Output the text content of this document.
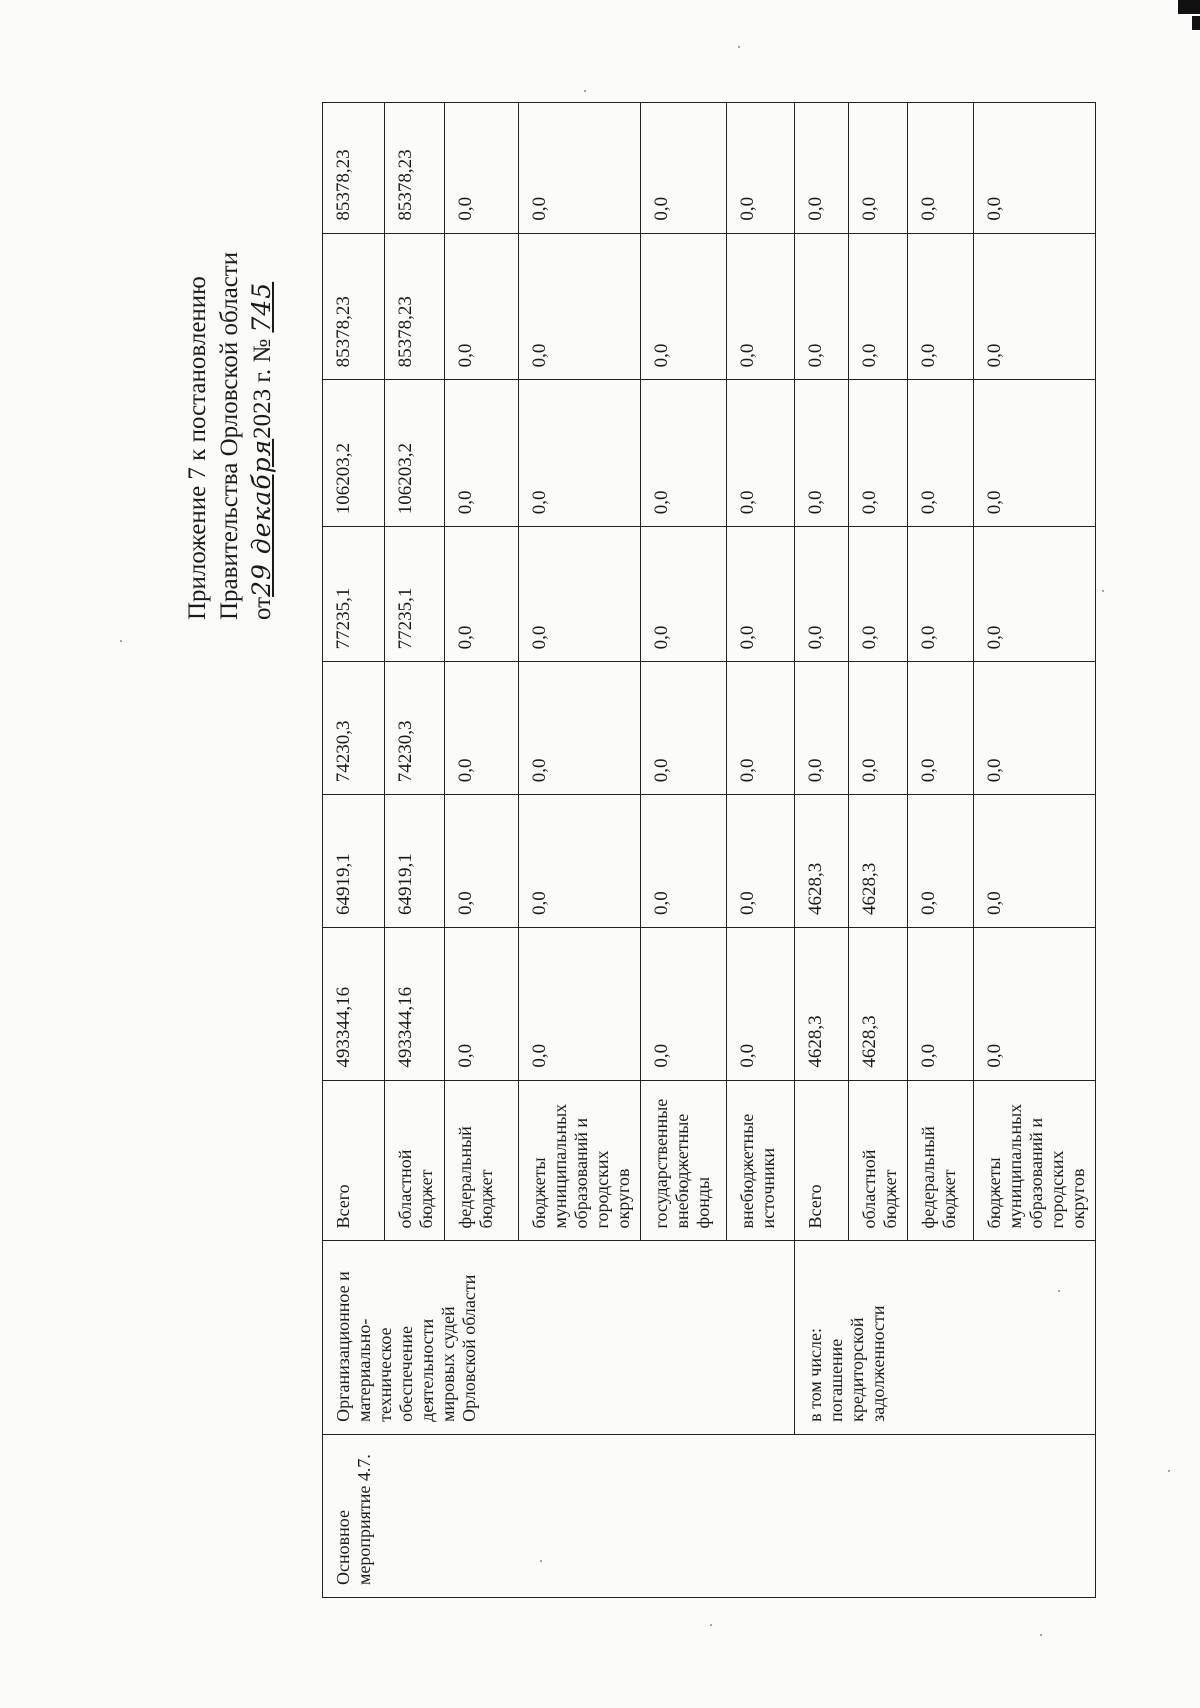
Приложение 7 к постановлению Правительства Орловской области от29 декабря2023 г. № 745
Основное мероприятие 4.7.	Организационное и материально-техническое обеспечение деятельности мировых судей Орловской области	Всего	493344,16	64919,1	74230,3	77235,1	106203,2	85378,23	85378,23
		областной бюджет	493344,16	64919,1	74230,3	77235,1	106203,2	85378,23	85378,23
		федеральный бюджет	0,0	0,0	0,0	0,0	0,0	0,0	0,0
		бюджеты муниципальных образований и городских округов	0,0	0,0	0,0	0,0	0,0	0,0	0,0
		государственные внебюджетные фонды	0,0	0,0	0,0	0,0	0,0	0,0	0,0
		внебюджетные источники	0,0	0,0	0,0	0,0	0,0	0,0	0,0
	в том числе: погашение кредиторской задолженности	Всего	4628,3	4628,3	0,0	0,0	0,0	0,0	0,0
		областной бюджет	4628,3	4628,3	0,0	0,0	0,0	0,0	0,0
		федеральный бюджет	0,0	0,0	0,0	0,0	0,0	0,0	0,0
		бюджеты муниципальных образований и городских округов	0,0	0,0	0,0	0,0	0,0	0,0	0,0
